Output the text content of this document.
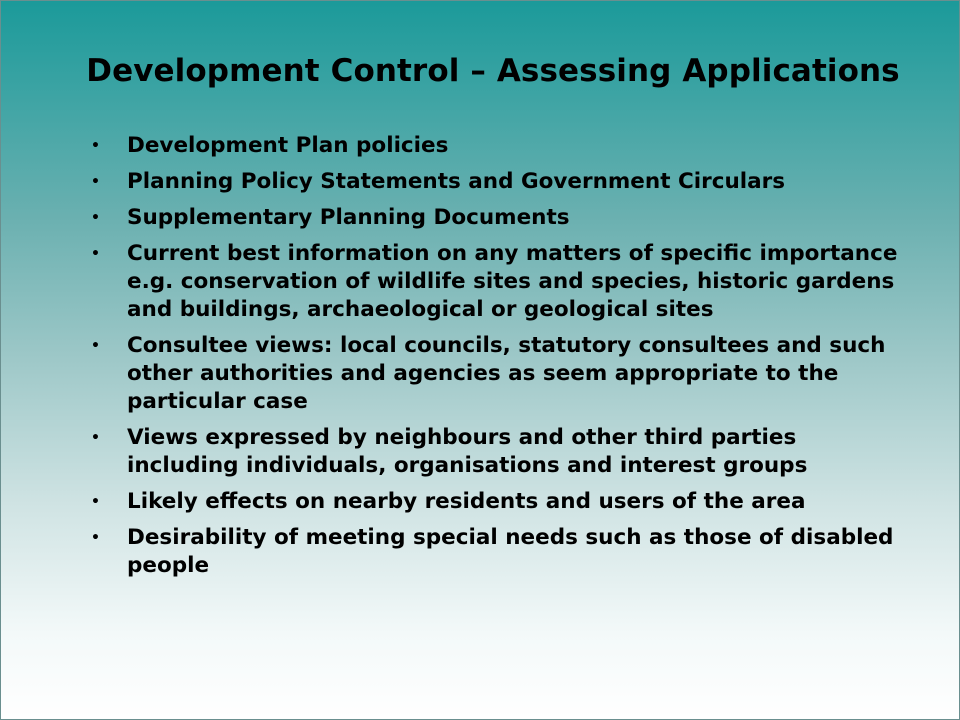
Development Control – Assessing Applications
• Development Plan policies
• Planning Policy Statements and Government Circulars
• Supplementary Planning Documents
• Current best information on any matters of specific importance e.g. conservation of wildlife sites and species, historic gardens and buildings, archaeological or geological sites
• Consultee views: local councils, statutory consultees and such other authorities and agencies as seem appropriate to the particular case
• Views expressed by neighbours and other third parties including individuals, organisations and interest groups
• Likely effects on nearby residents and users of the area
• Desirability of meeting special needs such as those of disabled people
